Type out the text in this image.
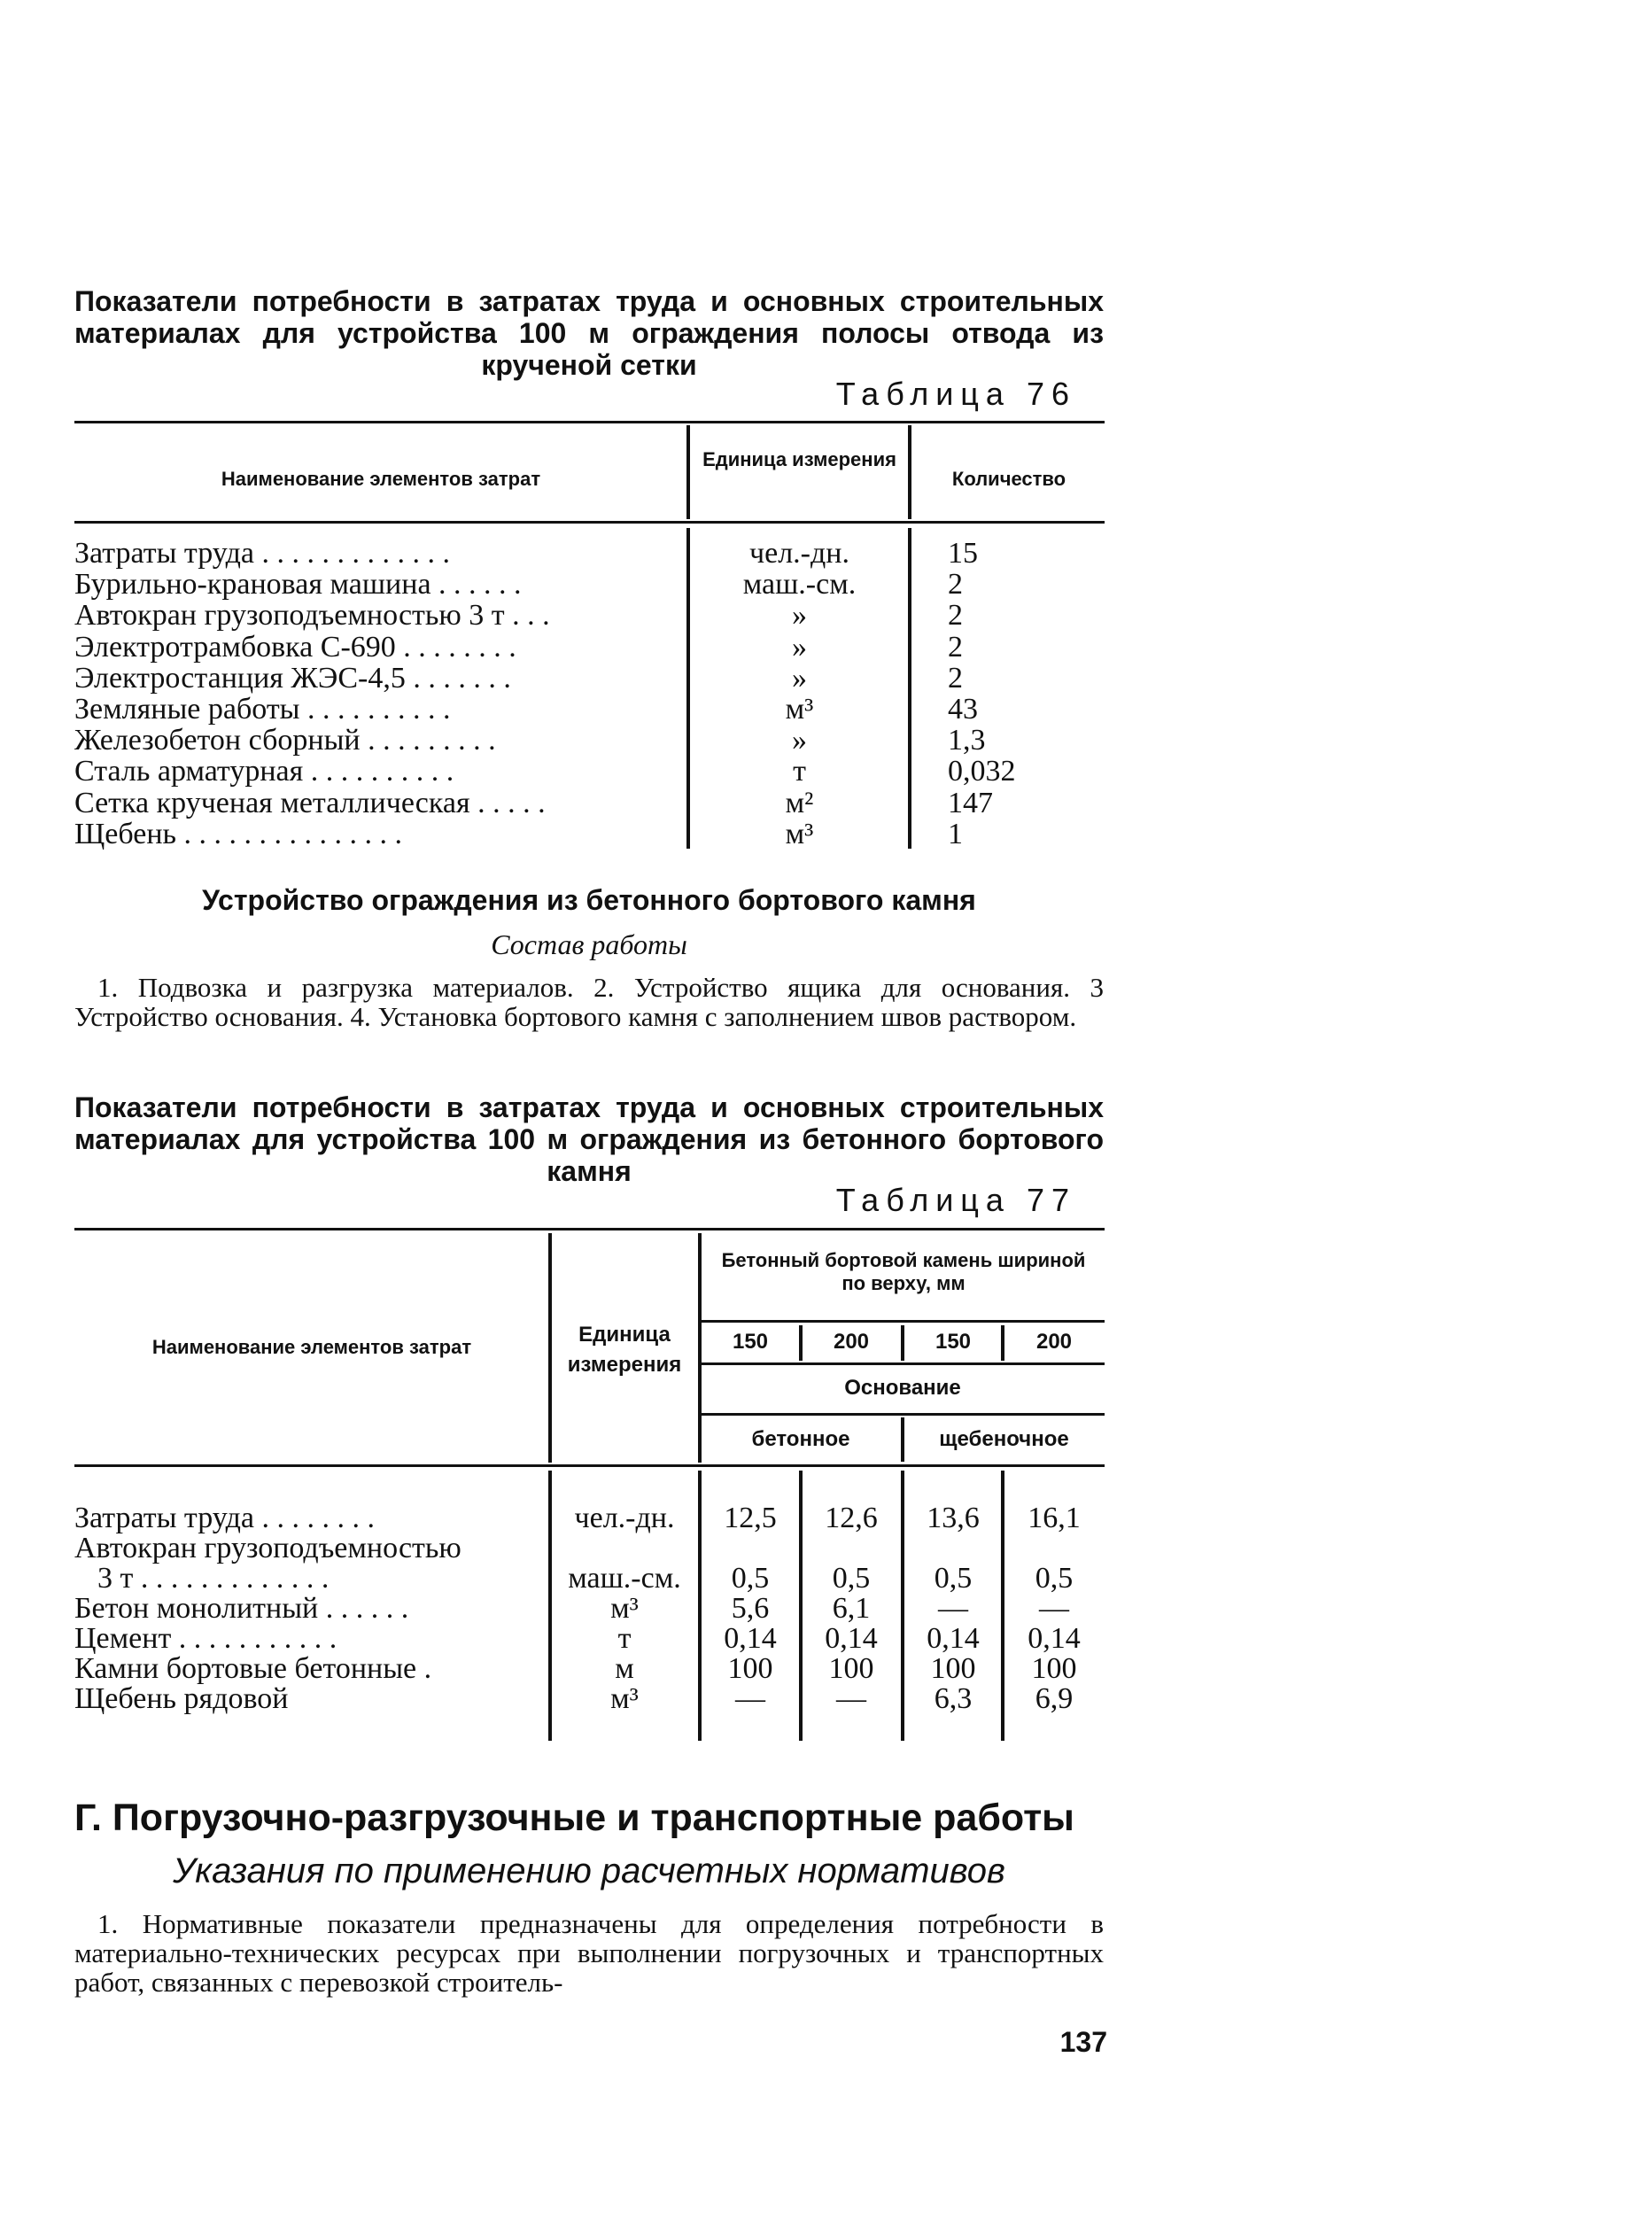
Показатели потребности в затратах труда и основных строительных материалах для устройства 100 м ограждения полосы отвода из крученой сетки
Таблица 76
Наименование элементов затрат
Единица измерения
Количество
Затраты труда . . . . . . . . . . . . .	чел.-дн.	15
Бурильно-крановая машина . . . . . .	маш.-см.	2
Автокран грузоподъемностью 3 т . . .	»	2
Электротрамбовка С-690 . . . . . . . .	»	2
Электростанция ЖЭС-4,5 . . . . . . .	»	2
Земляные работы . . . . . . . . . .	м³	43
Железобетон сборный . . . . . . . . .	»	1,3
Сталь арматурная . . . . . . . . . .	т	0,032
Сетка крученая металлическая . . . . .	м²	147
Щебень . . . . . . . . . . . . . . .	м³	1
Устройство ограждения из бетонного бортового камня
Состав работы
1. Подвозка и разгрузка материалов. 2. Устройство ящика для основания. 3 Устройство основания. 4. Установка бортового камня с заполнением швов раствором.
Показатели потребности в затратах труда и основных строительных материалах для устройства 100 м ограждения из бетонного бортового камня
Таблица 77
Наименование элементов затрат
Единица измерения
Бетонный бортовой камень шириной по верху, мм
150	200	150	200
Основание
бетонное	щебеночное
Затраты труда . . . . . . . .	чел.-дн.	12,5	12,6	13,6	16,1
Автокран грузоподъемностью
3 т . . . . . . . . . . . . .	маш.-см.	0,5	0,5	0,5	0,5
Бетон монолитный . . . . . .	м³	5,6	6,1	—	—
Цемент . . . . . . . . . . .	т	0,14	0,14	0,14	0,14
Камни бортовые бетонные .	м	100	100	100	100
Щебень рядовой	м³	—	—	6,3	6,9
Г. Погрузочно-разгрузочные и транспортные работы
Указания по применению расчетных нормативов
1. Нормативные показатели предназначены для определения потребности в материально-технических ресурсах при выполнении погрузочных и транспортных работ, связанных с перевозкой строитель-
137
